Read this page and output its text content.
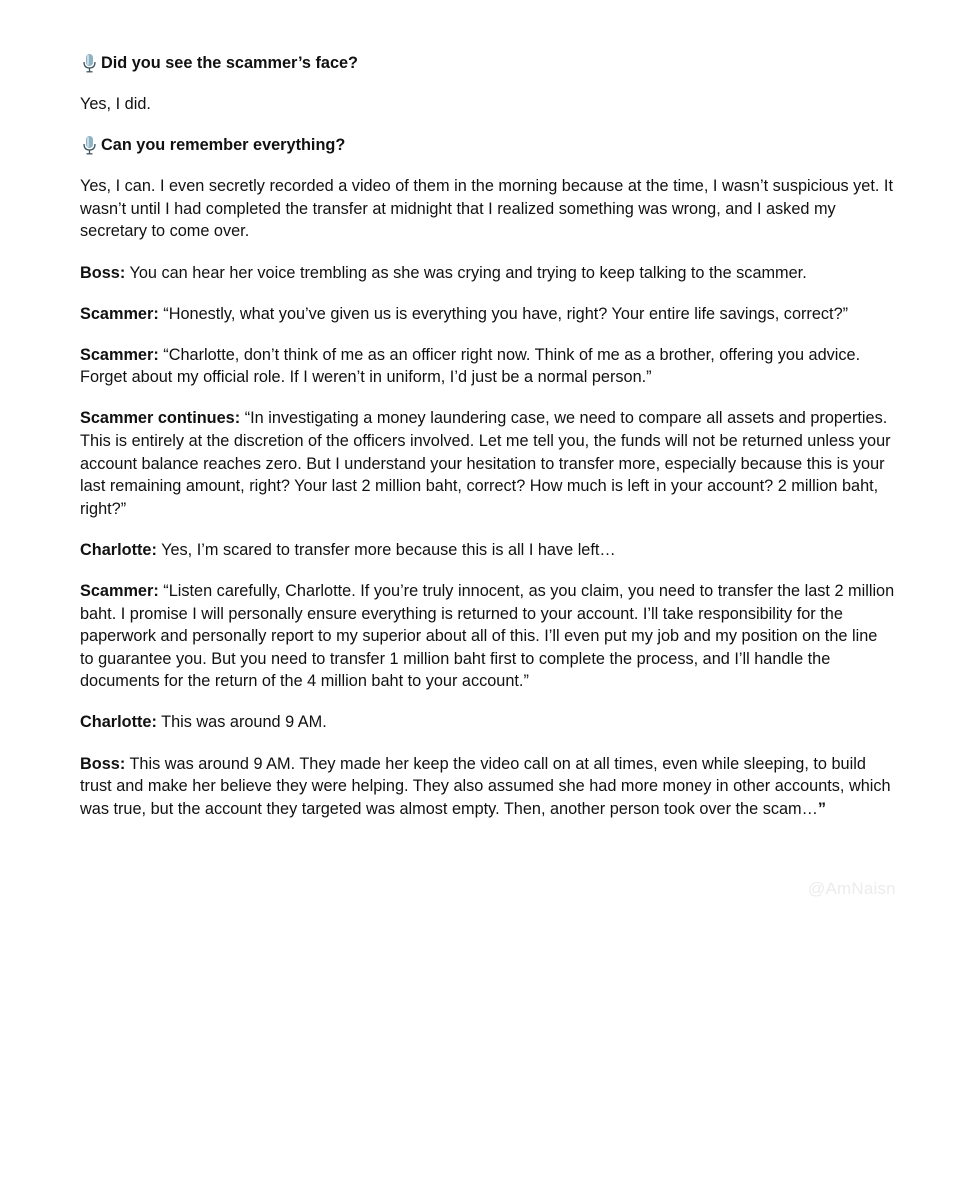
Did you see the scammer’s face?

Yes, I did.

Can you remember everything?

Yes, I can. I even secretly recorded a video of them in the morning because at the time, I wasn’t suspicious yet. It wasn’t until I had completed the transfer at midnight that I realized something was wrong, and I asked my secretary to come over.

Boss: You can hear her voice trembling as she was crying and trying to keep talking to the scammer.

Scammer: “Honestly, what you’ve given us is everything you have, right? Your entire life savings, correct?”

Scammer: “Charlotte, don’t think of me as an officer right now. Think of me as a brother, offering you advice. Forget about my official role. If I weren’t in uniform, I’d just be a normal person.”

Scammer continues: “In investigating a money laundering case, we need to compare all assets and properties. This is entirely at the discretion of the officers involved. Let me tell you, the funds will not be returned unless your account balance reaches zero. But I understand your hesitation to transfer more, especially because this is your last remaining amount, right? Your last 2 million baht, correct? How much is left in your account? 2 million baht, right?”

Charlotte: Yes, I’m scared to transfer more because this is all I have left…

Scammer: “Listen carefully, Charlotte. If you’re truly innocent, as you claim, you need to transfer the last 2 million baht. I promise I will personally ensure everything is returned to your account. I’ll take responsibility for the paperwork and personally report to my superior about all of this. I’ll even put my job and my position on the line to guarantee you. But you need to transfer 1 million baht first to complete the process, and I’ll handle the documents for the return of the 4 million baht to your account.”

Charlotte: This was around 9 AM.

Boss: This was around 9 AM. They made her keep the video call on at all times, even while sleeping, to build trust and make her believe they were helping. They also assumed she had more money in other accounts, which was true, but the account they targeted was almost empty. Then, another person took over the scam…”

@AmNaisn
